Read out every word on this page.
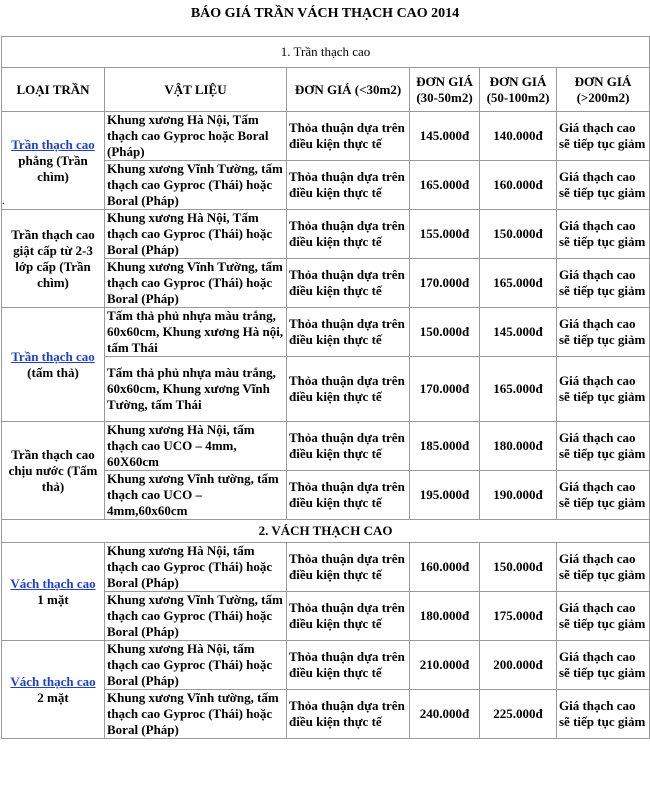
BÁO GIÁ TRẦN VÁCH THẠCH CAO 2014
.
1. Trần thạch cao					
LOẠI TRẦN	VẬT LIỆU	ĐƠN GIÁ (<30m2)	ĐƠN GIÁ (30-50m2)	ĐƠN GIÁ (50-100m2)	ĐƠN GIÁ (>200m2)
Trần thạch cao
phẳng (Trần chìm)	Khung xương Hà Nội, Tấm thạch cao Gyproc hoặc Boral (Pháp)	Thỏa thuận dựa trên điều kiện thực tế	145.000đ	140.000đ	Giá thạch cao sẽ tiếp tục giảm
	Khung xương Vĩnh Tường, tấm thạch cao Gyproc (Thái) hoặc Boral (Pháp)	Thỏa thuận dựa trên điều kiện thực tế	165.000đ	160.000đ	Giá thạch cao sẽ tiếp tục giảm

Trần thạch cao giật cấp từ 2-3 lớp cấp (Trần chìm)	Khung xương Hà Nội, Tấm thạch cao Gyproc (Thái) hoặc Boral (Pháp)	Thỏa thuận dựa trên điều kiện thực tế	155.000đ	150.000đ	Giá thạch cao sẽ tiếp tục giảm
	Khung xương Vĩnh Tường, tấm thạch cao Gyproc (Thái) hoặc Boral (Pháp)	Thỏa thuận dựa trên điều kiện thực tế	170.000đ	165.000đ	Giá thạch cao sẽ tiếp tục giảm
Trần thạch cao
(tấm thả)	Tấm thả phủ nhựa màu trắng, 60x60cm, Khung xương Hà nội, tấm Thái	Thỏa thuận dựa trên điều kiện thực tế	150.000đ	145.000đ	Giá thạch cao sẽ tiếp tục giảm
	Tấm thả phủ nhựa màu trắng, 60x60cm, Khung xương Vĩnh Tường, tấm Thái	Thỏa thuận dựa trên điều kiện thực tế	170.000đ	165.000đ	Giá thạch cao sẽ tiếp tục giảm

Trần thạch cao chịu nước (Tấm thả)	Khung xương Hà Nội, tấm thạch cao UCO – 4mm, 60X60cm	Thỏa thuận dựa trên điều kiện thực tế	185.000đ	180.000đ	Giá thạch cao sẽ tiếp tục giảm
	Khung xương Vĩnh tường, tấm thạch cao UCO – 4mm,60x60cm	Thỏa thuận dựa trên điều kiện thực tế	195.000đ	190.000đ	Giá thạch cao sẽ tiếp tục giảm
2. VÁCH THẠCH CAO					
Vách thạch cao
1 mặt	Khung xương Hà Nội, tấm thạch cao Gyproc (Thái) hoặc Boral (Pháp)	Thỏa thuận dựa trên điều kiện thực tế	160.000đ	150.000đ	Giá thạch cao sẽ tiếp tục giảm
	Khung xương Vĩnh Tường, tấm thạch cao Gyproc (Thái) hoặc Boral (Pháp)	Thỏa thuận dựa trên điều kiện thực tế	180.000đ	175.000đ	Giá thạch cao sẽ tiếp tục giảm
Vách thạch cao
2 mặt	Khung xương Hà Nội, tấm thạch cao Gyproc (Thái) hoặc Boral (Pháp)	Thỏa thuận dựa trên điều kiện thực tế	210.000đ	200.000đ	Giá thạch cao sẽ tiếp tục giảm
	Khung xương Vĩnh tường, tấm thạch cao Gyproc (Thái) hoặc Boral (Pháp)	Thỏa thuận dựa trên điều kiện thực tế	240.000đ	225.000đ	Giá thạch cao sẽ tiếp tục giảm
